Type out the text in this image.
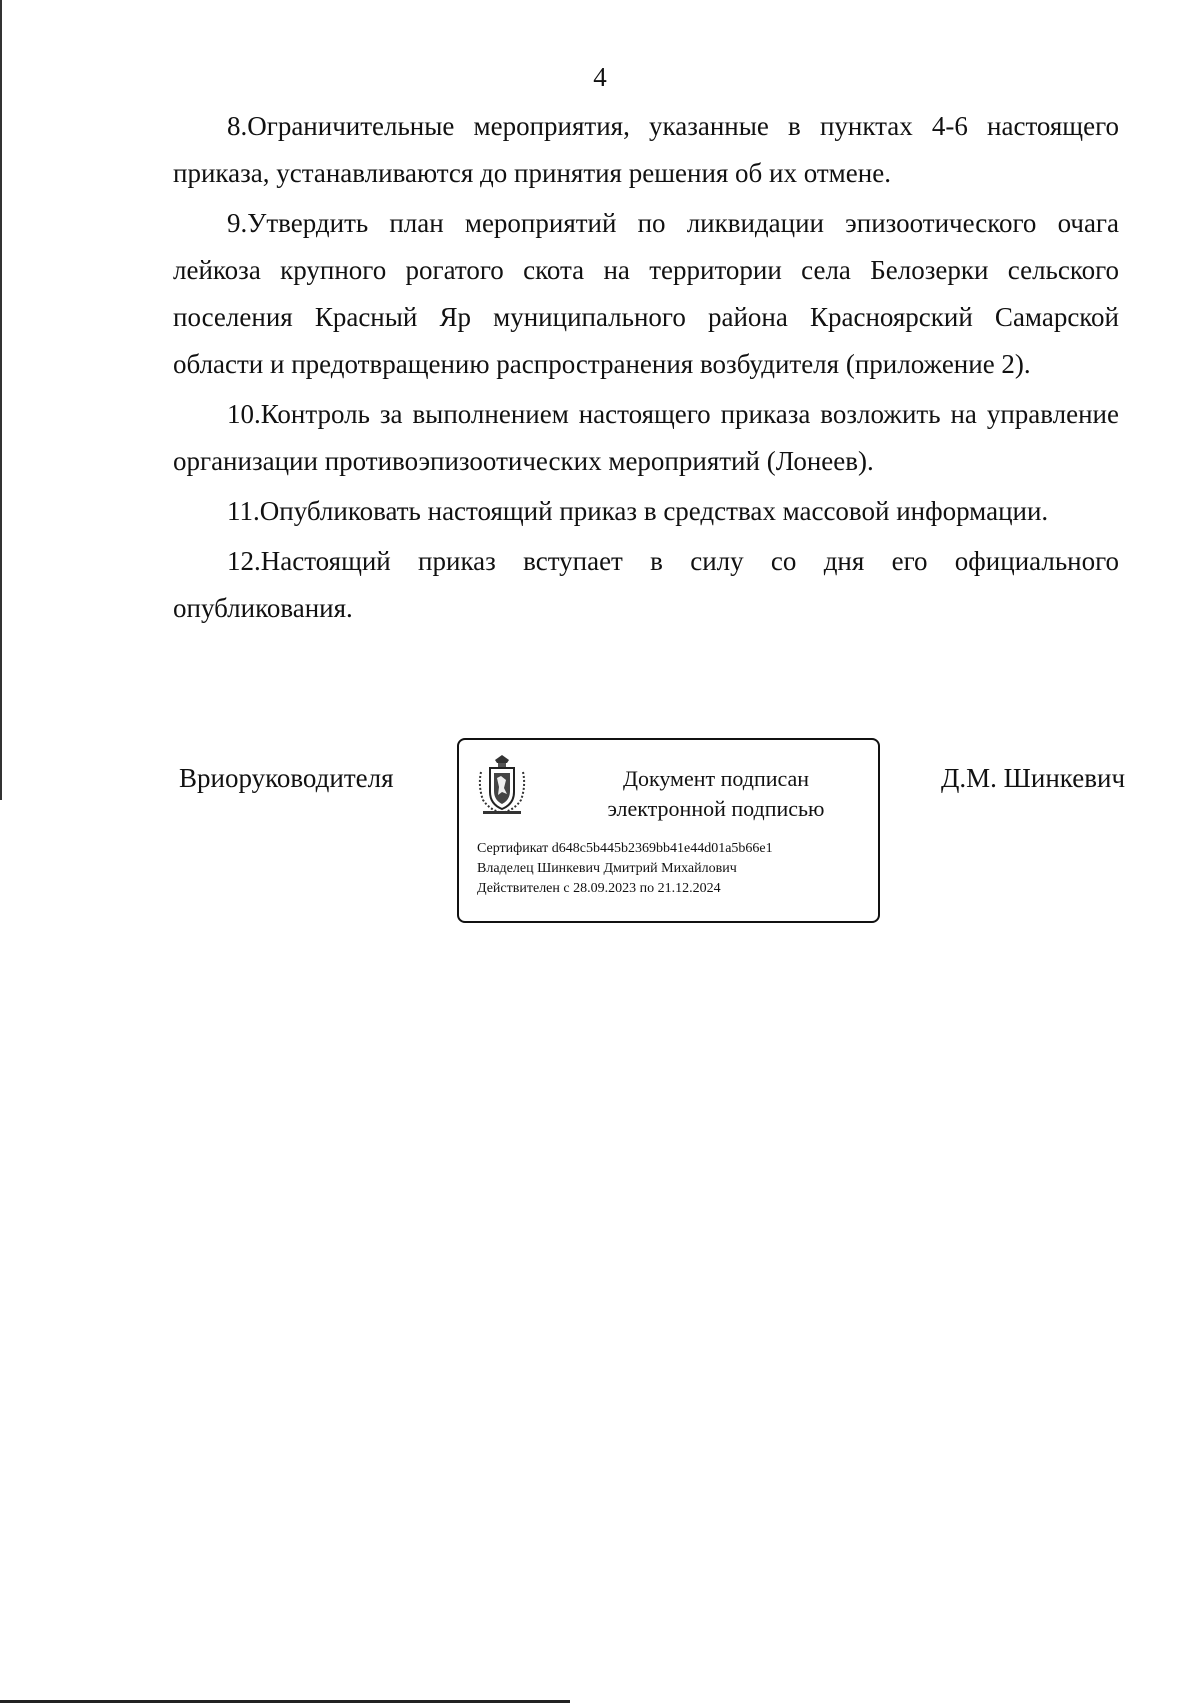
4

8.Ограничительные мероприятия, указанные в пунктах 4-6 настоящего приказа, устанавливаются до принятия решения об их отмене.

9.Утвердить план мероприятий по ликвидации эпизоотического очага лейкоза крупного рогатого скота на территории села Белозерки сельского поселения Красный Яр муниципального района Красноярский Самарской области и предотвращению распространения возбудителя (приложение 2).

10.Контроль за выполнением настоящего приказа возложить на управление организации противоэпизоотических мероприятий (Лонеев).

11.Опубликовать настоящий приказ в средствах массовой информации.

12.Настоящий приказ вступает в силу со дня его официального опубликования.

Вриоруководителя	Документ подписан
электронной подписью
Сертификат d648c5b445b2369bb41e44d01a5b66e1
Владелец Шинкевич Дмитрий Михайлович
Действителен с 28.09.2023 по 21.12.2024
Д.М. Шинкевич
